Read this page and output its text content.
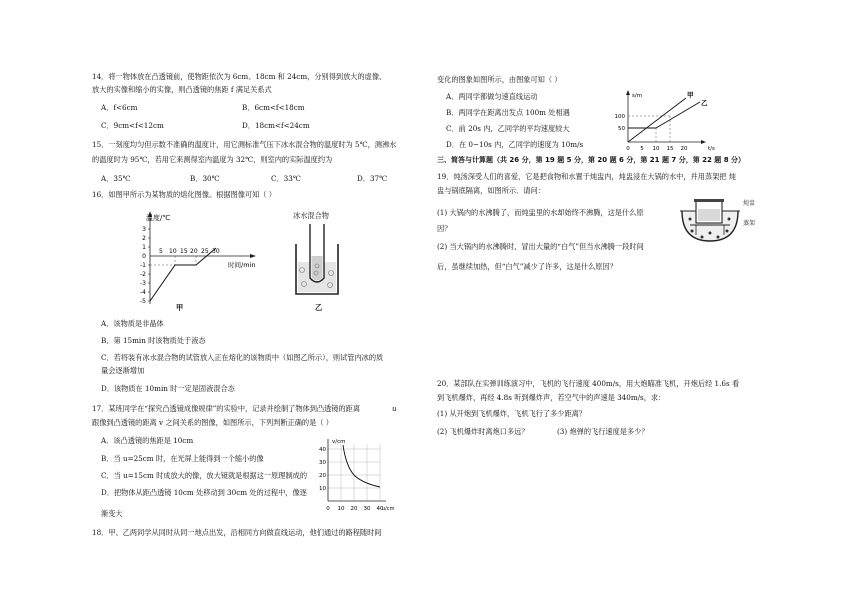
14．将一物体放在凸透镜前，使物距依次为 6cm、18cm 和 24cm，分别得到放大的虚像、
放大的实像和缩小的实像，则凸透镜的焦距 f 满足关系式
A．f<6cm	B．6cm<f<18cm
C．9cm<f<12cm	D．18cm<f<24cm
15．一刻度均匀但示数不准确的温度计，用它测标准气压下冰水混合物的温度时为 5℃，测沸水
的温度时为 95℃，若用它来测得室内温度为 32℃，则室内的实际温度约为
A．35℃	B．30℃	C．33℃	D．37℃
16．如图甲所示为某物质的熔化图像。根据图像可知（ ）
温度/℃
时间/min
3
2
1
0
-1
-2
-3
-4
-5
5 10 15 20 25 30
甲
冰水混合物
乙
A．该物质是非晶体
B．第 15min 时该物质处于液态
C．若将装有冰水混合物的试管放入正在熔化的该物质中（如图乙所示），则试管内冰的质
量会逐渐增加
D．该物质在 10min 时一定是固液混合态
17．某班同学在“探究凸透镜成像规律”的实验中，记录并绘制了物体到凸透镜的距离	u
跟像到凸透镜的距离 v 之间关系的图像，如图所示，下列判断正确的是（ ）
A．该凸透镜的焦距是 10cm
B．当 u=25cm 时，在光屏上能得到一个缩小的像
C．当 u=15cm 时成放大的像，放大镜就是根据这一原理制成的
D．把物体从距凸透镜 10cm 处移动到 30cm 处的过程中，像逐
渐变大
v/cm
40
30
20
10
0 10 20 30 40
u/cm
18．甲、乙两同学从同时从同一地点出发，沿相同方向做直线运动，他们通过的路程随时间
变化的图象如图所示，由图象可知（ ）
A．两同学都做匀速直线运动
B．两同学在距离出发点 100m 处相遇
C．前 20s 内，乙同学的平均速度较大
D．在 0~10s 内，乙同学的速度为 10m/s
s/m
t/s
100
50
0 5 10 15 20
甲
乙
三、简答与计算题（共 26 分，第 19 题 5 分，第 20 题 6 分，第 21 题 7 分，第 22 题 8 分）
19．炖汤深受人们的喜爱，它是把食物和水置于炖盅内，炖盅浸在大锅的水中，并用蒸架把 炖
盅与锅底隔离，如图所示．请问：
(1) 大锅内的水沸腾了，而炖盅里的水却始终不沸腾，这是什么原
因？
(2) 当大锅内的水沸腾时，冒出大量的“白气”但当水沸腾一段时间
后，虽继续加热，但“白气”减少了许多，这是什么原因？
炖盅
蒸架
20．某部队在实弹训练演习中，飞机的飞行速度 400m/s，用大炮瞄准飞机，开炮后经 1.6s 看
到飞机爆炸，再经 4.8s 听到爆炸声，若空气中的声速是 340m/s，求：
(1) 从开炮到飞机爆炸，飞机飞行了多少距离？
(2) 飞机爆炸时离炮口多远？	(3) 炮弹的飞行速度是多少？
